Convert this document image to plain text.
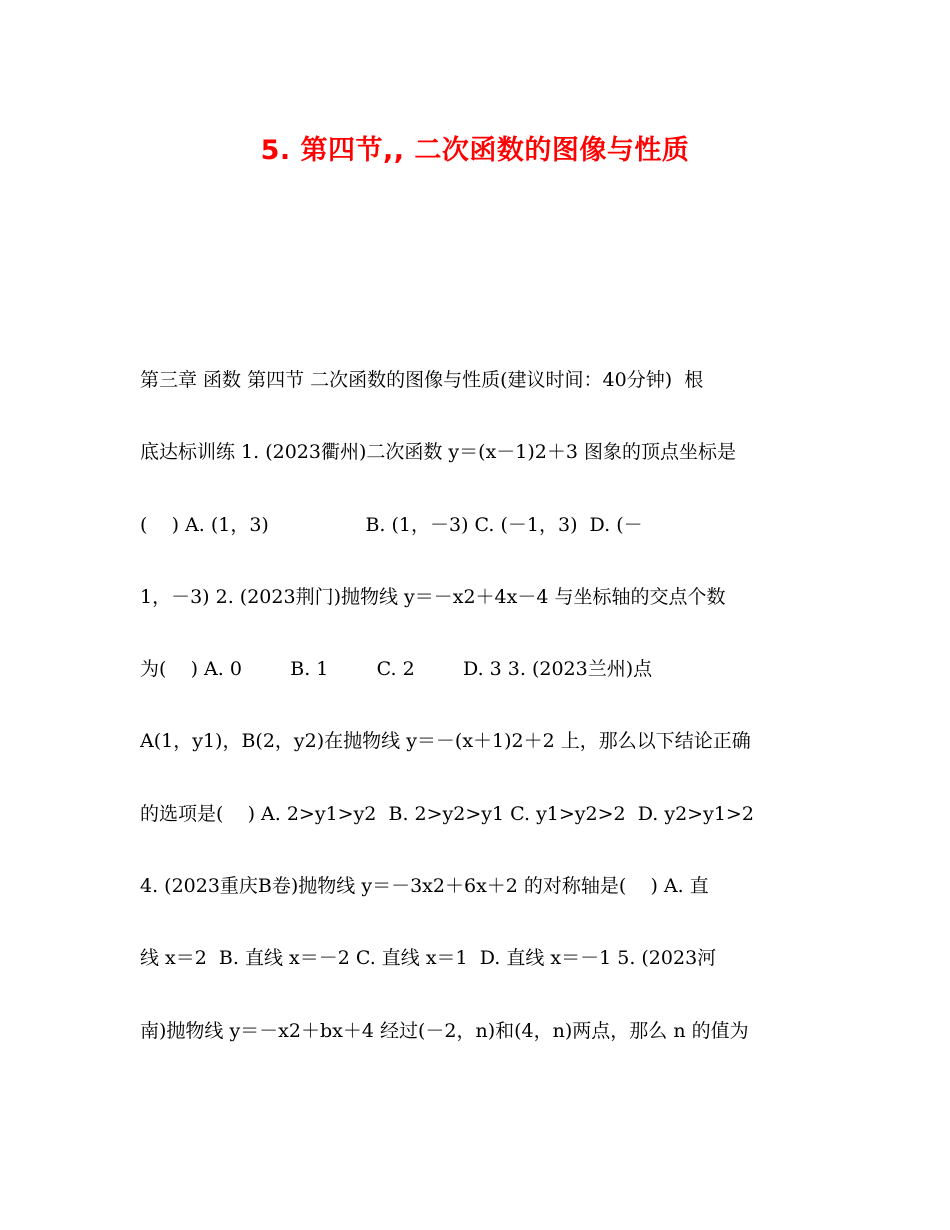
5. 第四节,, 二次函数的图像与性质
第三章 函数 第四节 二次函数的图像与性质(建议时间：40分钟)  根
底达标训练 1. (2023衢州)二次函数 y＝(x－1)2＋3 图象的顶点坐标是
(    ) A. (1，3)                B. (1，－3) C. (－1，3)  D. (－
1，－3) 2. (2023荆门)抛物线 y＝－x2＋4x－4 与坐标轴的交点个数
为(    ) A. 0        B. 1        C. 2        D. 3 3. (2023兰州)点
A(1，y1)，B(2，y2)在抛物线 y＝－(x＋1)2＋2 上，那么以下结论正确
的选项是(    ) A. 2>y1>y2  B. 2>y2>y1 C. y1>y2>2  D. y2>y1>2
4. (2023重庆B卷)抛物线 y＝－3x2＋6x＋2 的对称轴是(    ) A. 直
线 x＝2  B. 直线 x＝－2 C. 直线 x＝1  D. 直线 x＝－1 5. (2023河
南)抛物线 y＝－x2＋bx＋4 经过(－2，n)和(4，n)两点，那么 n 的值为
